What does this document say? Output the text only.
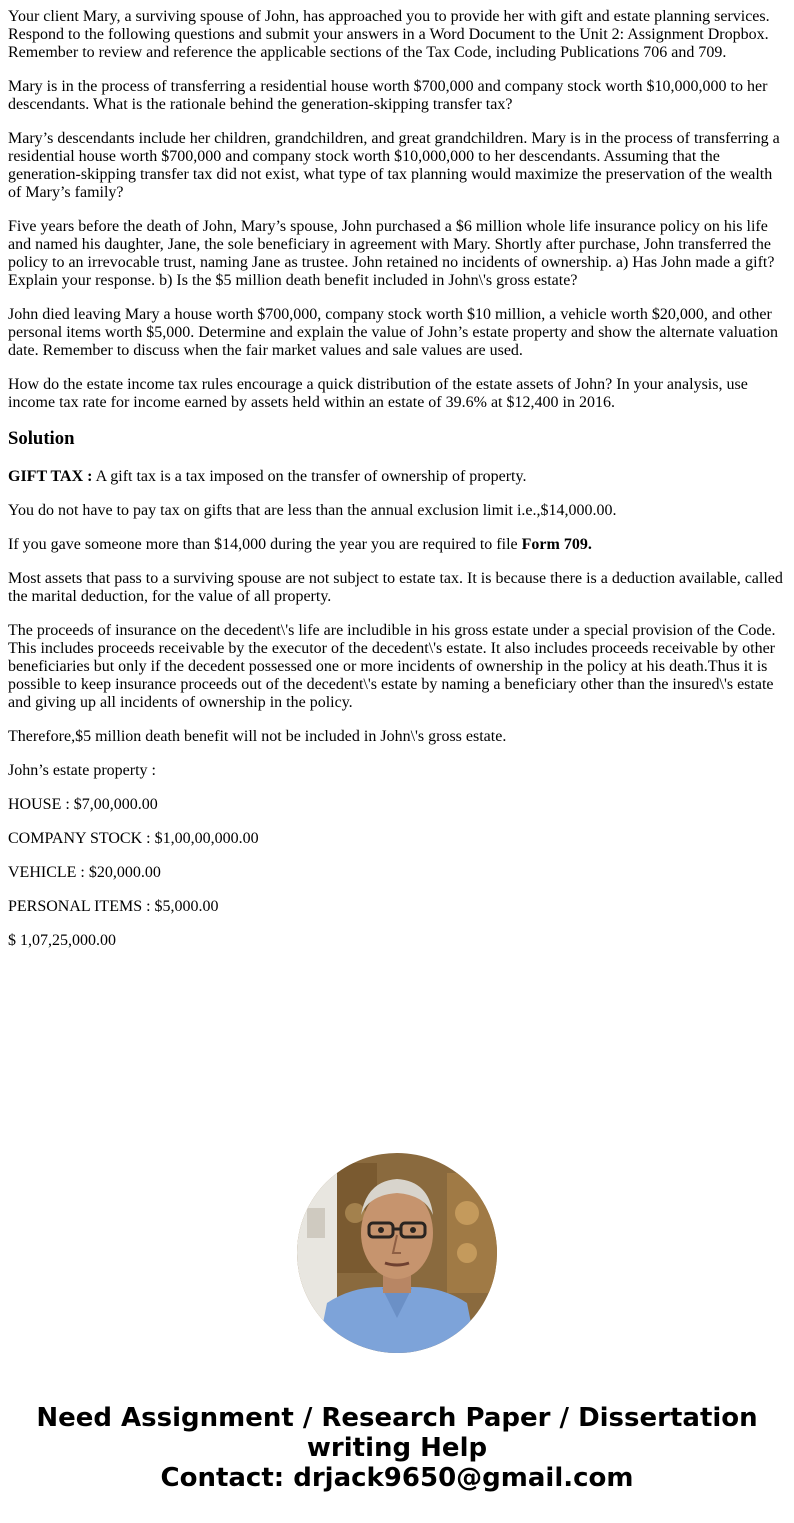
Your client Mary, a surviving spouse of John, has approached you to provide her with gift and estate planning services. Respond to the following questions and submit your answers in a Word Document to the Unit 2: Assignment Dropbox. Remember to review and reference the applicable sections of the Tax Code, including Publications 706 and 709.

Mary is in the process of transferring a residential house worth $700,000 and company stock worth $10,000,000 to her descendants. What is the rationale behind the generation-skipping transfer tax?

Mary’s descendants include her children, grandchildren, and great grandchildren. Mary is in the process of transferring a residential house worth $700,000 and company stock worth $10,000,000 to her descendants. Assuming that the generation-skipping transfer tax did not exist, what type of tax planning would maximize the preservation of the wealth of Mary’s family?

Five years before the death of John, Mary’s spouse, John purchased a $6 million whole life insurance policy on his life and named his daughter, Jane, the sole beneficiary in agreement with Mary. Shortly after purchase, John transferred the policy to an irrevocable trust, naming Jane as trustee. John retained no incidents of ownership. a) Has John made a gift? Explain your response. b) Is the $5 million death benefit included in John\'s gross estate?

John died leaving Mary a house worth $700,000, company stock worth $10 million, a vehicle worth $20,000, and other personal items worth $5,000. Determine and explain the value of John’s estate property and show the alternate valuation date. Remember to discuss when the fair market values and sale values are used.

How do the estate income tax rules encourage a quick distribution of the estate assets of John? In your analysis, use income tax rate for income earned by assets held within an estate of 39.6% at $12,400 in 2016.

Solution

GIFT TAX : A gift tax is a tax imposed on the transfer of ownership of property.

You do not have to pay tax on gifts that are less than the annual exclusion limit i.e.,$14,000.00.

If you gave someone more than $14,000 during the year you are required to file Form 709.

Most assets that pass to a surviving spouse are not subject to estate tax. It is because there is a deduction available, called the marital deduction, for the value of all property.

The proceeds of insurance on the decedent\'s life are includible in his gross estate under a special provision of the Code. This includes proceeds receivable by the executor of the decedent\'s estate. It also includes proceeds receivable by other beneficiaries but only if the decedent possessed one or more incidents of ownership in the policy at his death.Thus it is possible to keep insurance proceeds out of the decedent\'s estate by naming a beneficiary other than the insured\'s estate and giving up all incidents of ownership in the policy.

Therefore,$5 million death benefit will not be included in John\'s gross estate.

John’s estate property :

HOUSE : $7,00,000.00

COMPANY STOCK : $1,00,00,000.00

VEHICLE : $20,000.00

PERSONAL ITEMS : $5,000.00

$ 1,07,25,000.00

Need Assignment / Research Paper / Dissertation
writing Help
Contact: drjack9650@gmail.com
